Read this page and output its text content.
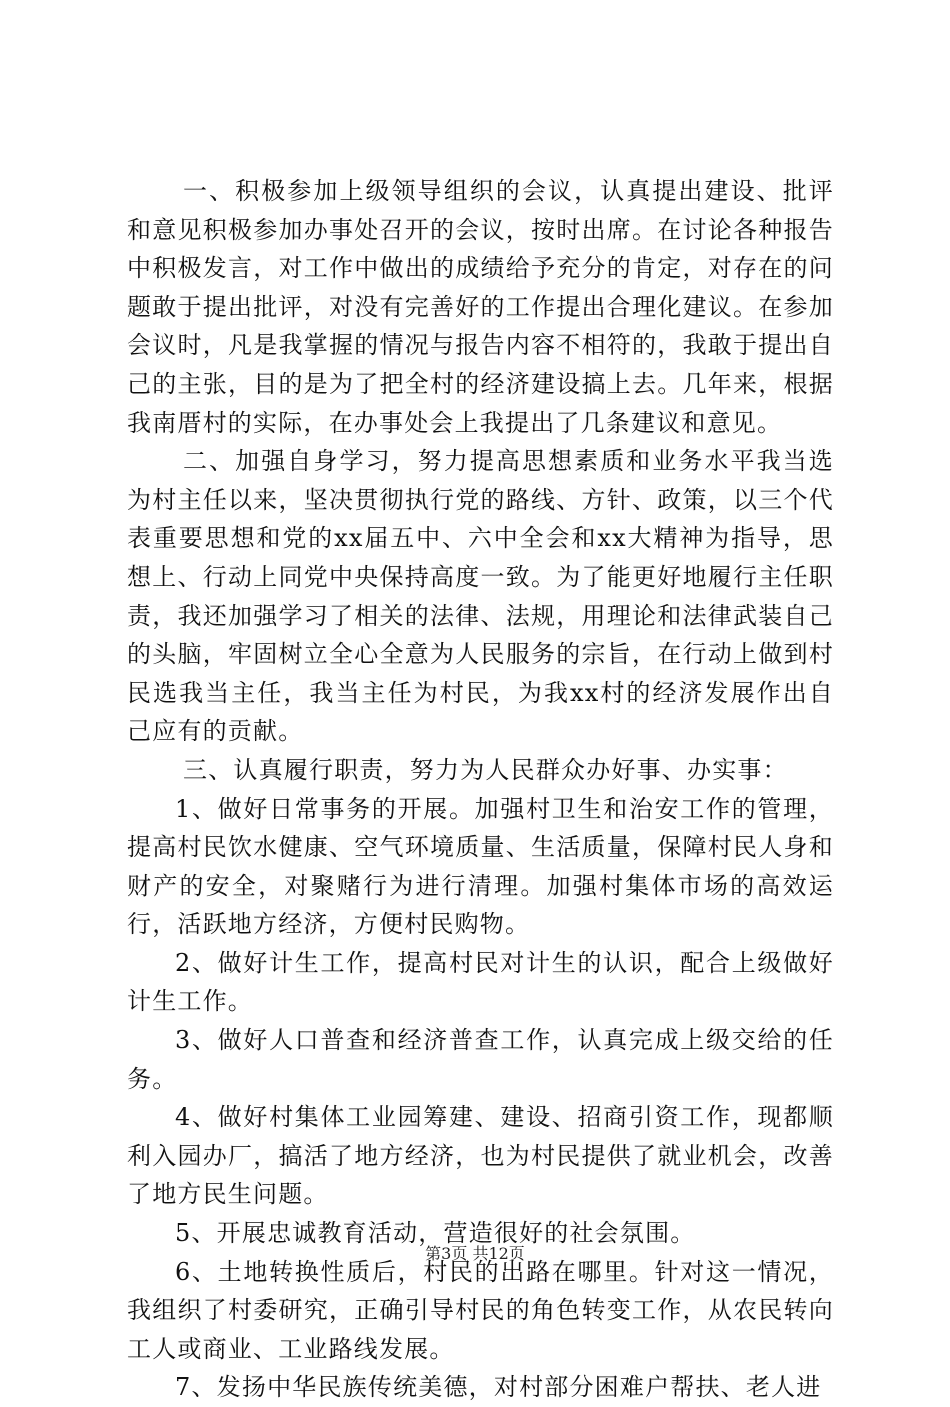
一、积极参加上级领导组织的会议，认真提出建设、批评和意见积极参加办事处召开的会议，按时出席。在讨论各种报告中积极发言，对工作中做出的成绩给予充分的肯定，对存在的问题敢于提出批评，对没有完善好的工作提出合理化建议。在参加会议时，凡是我掌握的情况与报告内容不相符的，我敢于提出自己的主张，目的是为了把全村的经济建设搞上去。几年来，根据我南厝村的实际，在办事处会上我提出了几条建议和意见。

二、加强自身学习，努力提高思想素质和业务水平我当选为村主任以来，坚决贯彻执行党的路线、方针、政策，以三个代表重要思想和党的xx届五中、六中全会和xx大精神为指导，思想上、行动上同党中央保持高度一致。为了能更好地履行主任职责，我还加强学习了相关的法律、法规，用理论和法律武装自己的头脑，牢固树立全心全意为人民服务的宗旨，在行动上做到村民选我当主任，我当主任为村民，为我xx村的经济发展作出自己应有的贡献。

三、认真履行职责，努力为人民群众办好事、办实事：

1、做好日常事务的开展。加强村卫生和治安工作的管理，提高村民饮水健康、空气环境质量、生活质量，保障村民人身和财产的安全，对聚赌行为进行清理。加强村集体市场的高效运行，活跃地方经济，方便村民购物。

2、做好计生工作，提高村民对计生的认识，配合上级做好计生工作。

3、做好人口普查和经济普查工作，认真完成上级交给的任务。

4、做好村集体工业园筹建、建设、招商引资工作，现都顺利入园办厂，搞活了地方经济，也为村民提供了就业机会，改善了地方民生问题。

5、开展忠诚教育活动，营造很好的社会氛围。

6、土地转换性质后，村民的出路在哪里。针对这一情况，我组织了村委研究，正确引导村民的角色转变工作，从农民转向工人或商业、工业路线发展。

7、发扬中华民族传统美德，对村部分困难户帮扶、老人进

第3页 共12页
